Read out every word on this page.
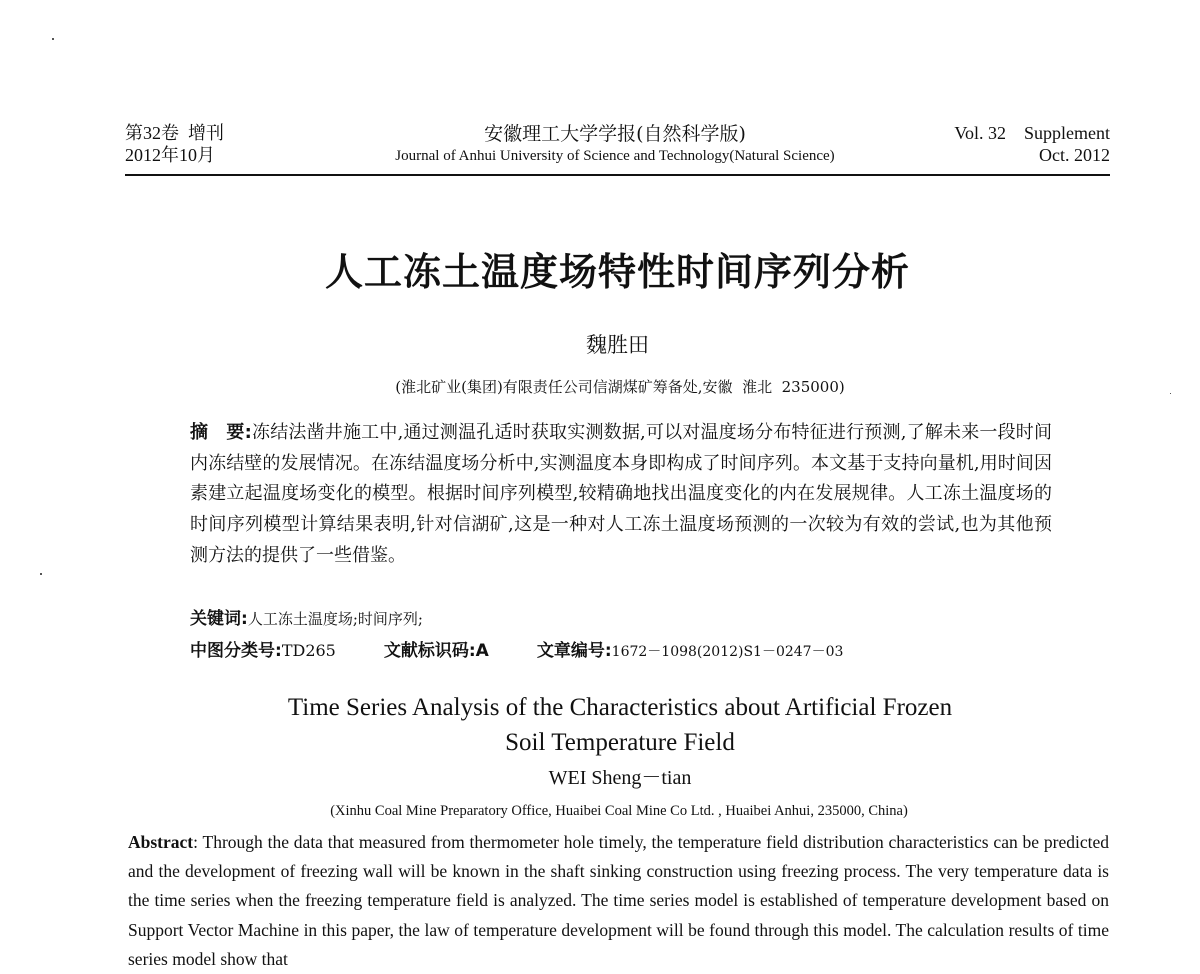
第32卷  增刊
2012年10月
安徽理工大学学报(自然科学版)
Journal of Anhui University of Science and Technology(Natural Science)
Vol. 32    Supplement
Oct. 2012
人工冻土温度场特性时间序列分析
魏胜田
(淮北矿业(集团)有限责任公司信湖煤矿筹备处,安徽  淮北  235000)
摘　要:冻结法凿井施工中,通过测温孔适时获取实测数据,可以对温度场分布特征进行预测,了解未来一段时间内冻结壁的发展情况。在冻结温度场分析中,实测温度本身即构成了时间序列。本文基于支持向量机,用时间因素建立起温度场变化的模型。根据时间序列模型,较精确地找出温度变化的内在发展规律。人工冻土温度场的时间序列模型计算结果表明,针对信湖矿,这是一种对人工冻土温度场预测的一次较为有效的尝试,也为其他预测方法的提供了一些借鉴。
关键词:人工冻土温度场;时间序列;
中图分类号:TD265	文献标识码:A	文章编号:1672－1098(2012)S1－0247－03
Time Series Analysis of the Characteristics about Artificial Frozen
Soil Temperature Field
WEI Sheng－tian
(Xinhu Coal Mine Preparatory Office, Huaibei Coal Mine Co Ltd. , Huaibei Anhui, 235000, China)
Abstract: Through the data that measured from thermometer hole timely, the temperature field distribution characteristics can be predicted and the development of freezing wall will be known in the shaft sinking construction using freezing process. The very temperature data is the time series when the freezing temperature field is analyzed. The time series model is established of temperature development based on Support Vector Machine in this paper, the law of temperature development will be found through this model. The calculation results of time series model show that
